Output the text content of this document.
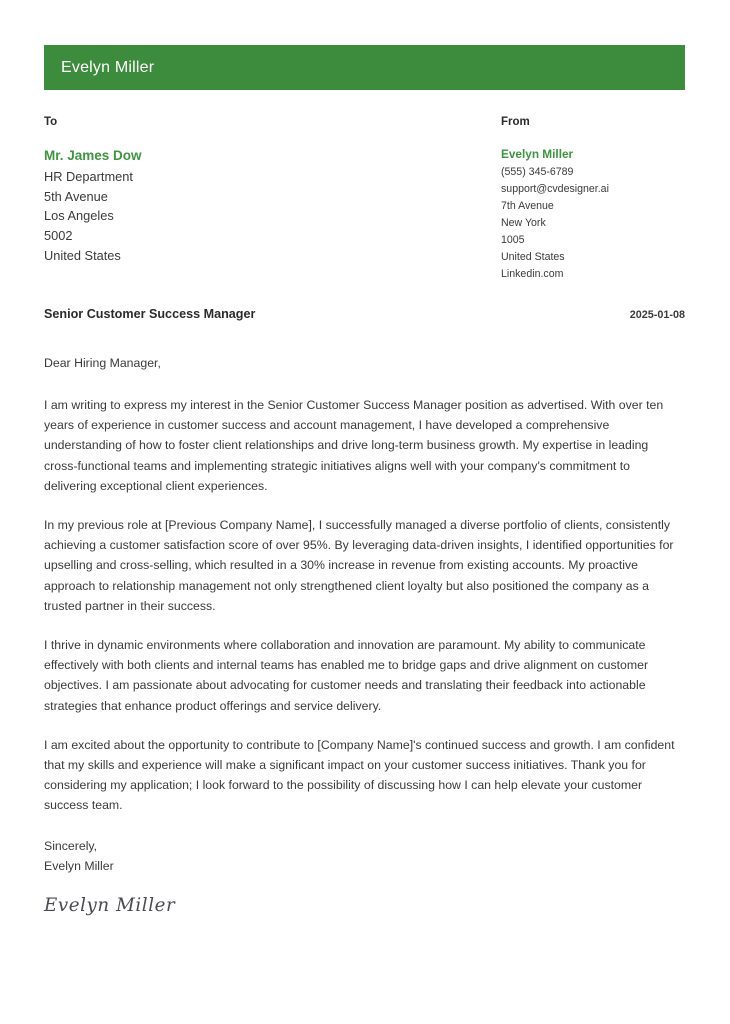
Evelyn Miller
To
Mr. James Dow
HR Department
5th Avenue
Los Angeles
5002
United States
From
Evelyn Miller
(555) 345-6789
support@cvdesigner.ai
7th Avenue
New York
1005
United States
Linkedin.com
Senior Customer Success Manager	2025-01-08
Dear Hiring Manager,

I am writing to express my interest in the Senior Customer Success Manager position as advertised. With over ten years of experience in customer success and account management, I have developed a comprehensive understanding of how to foster client relationships and drive long-term business growth. My expertise in leading cross-functional teams and implementing strategic initiatives aligns well with your company's commitment to delivering exceptional client experiences.

In my previous role at [Previous Company Name], I successfully managed a diverse portfolio of clients, consistently achieving a customer satisfaction score of over 95%. By leveraging data-driven insights, I identified opportunities for upselling and cross-selling, which resulted in a 30% increase in revenue from existing accounts. My proactive approach to relationship management not only strengthened client loyalty but also positioned the company as a trusted partner in their success.

I thrive in dynamic environments where collaboration and innovation are paramount. My ability to communicate effectively with both clients and internal teams has enabled me to bridge gaps and drive alignment on customer objectives. I am passionate about advocating for customer needs and translating their feedback into actionable strategies that enhance product offerings and service delivery.

I am excited about the opportunity to contribute to [Company Name]'s continued success and growth. I am confident that my skills and experience will make a significant impact on your customer success initiatives. Thank you for considering my application; I look forward to the possibility of discussing how I can help elevate your customer success team.

Sincerely,
Evelyn Miller
Evelyn Miller
